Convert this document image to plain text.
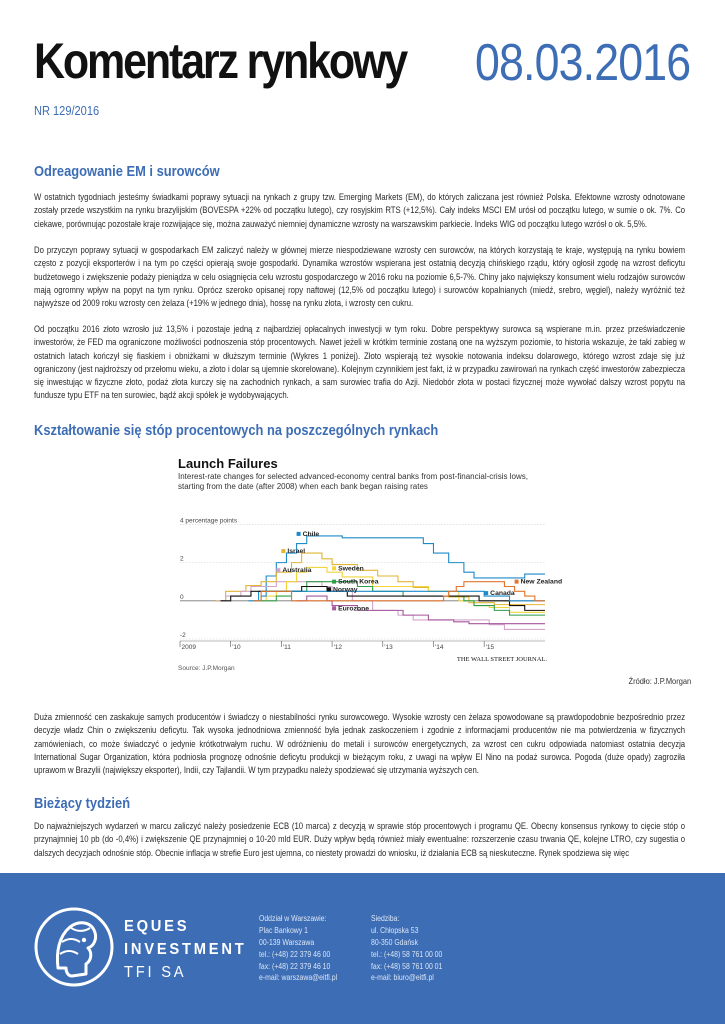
Komentarz rynkowy 08.03.2016
NR 129/2016
Odreagowanie EM i surowców

W ostatnich tygodniach jesteśmy świadkami poprawy sytuacji na rynkach z grupy tzw. Emerging Markets (EM), do których zaliczana jest również Polska. Efektowne wzrosty odnotowane zostały przede wszystkim na rynku brazylijskim (BOVESPA +22% od początku lutego), czy rosyjskim RTS (+12,5%). Cały indeks MSCI EM urósł od początku lutego, w sumie o ok. 7%. Co ciekawe, porównując pozostałe kraje rozwijające się, można zauważyć niemniej dynamiczne wzrosty na warszawskim parkiecie. Indeks WIG od początku lutego wzrósł o ok. 5,5%.

Do przyczyn poprawy sytuacji w gospodarkach EM zaliczyć należy w głównej mierze niespodziewane wzrosty cen surowców, na których korzystają te kraje, występują na rynku bowiem często z pozycji eksporterów i na tym po części opierają swoje gospodarki. Dynamika wzrostów wspierana jest ostatnią decyzją chińskiego rządu, który ogłosił zgodę na wzrost deficytu budżetowego i zwiększenie podaży pieniądza w celu osiągnięcia celu wzrostu gospodarczego w 2016 roku na poziomie 6,5-7%. Chiny jako największy konsument wielu rodzajów surowców mają ogromny wpływ na popyt na tym rynku. Oprócz szeroko opisanej ropy naftowej (12,5% od początku lutego) i surowców kopalnianych (miedź, srebro, węgiel), należy wyróżnić też najwyższe od 2009 roku wzrosty cen żelaza (+19% w jednego dnia), hossę na rynku złota, i wzrosty cen cukru.

Od początku 2016 złoto wzrosło już 13,5% i pozostaje jedną z najbardziej opłacalnych inwestycji w tym roku. Dobre perspektywy surowca są wspierane m.in. przez przeświadczenie inwestorów, że FED ma ograniczone możliwości podnoszenia stóp procentowych. Nawet jeżeli w krótkim terminie zostaną one na wyższym poziomie, to historia wskazuje, że taki zabieg w ostatnich latach kończył się fiaskiem i obniżkami w dłuższym terminie (Wykres 1 poniżej). Złoto wspierają też wysokie notowania indeksu dolarowego, którego wzrost zdaje się już ograniczony (jest najdroższy od przełomu wieku, a złoto i dolar są ujemnie skorelowane). Kolejnym czynnikiem jest fakt, iż w przypadku zawirowań na rynkach część inwestorów zabezpiecza się inwestując w fizyczne złoto, podaż złota kurczy się na zachodnich rynkach, a sam surowiec trafia do Azji. Niedobór złota w postaci fizycznej może wywołać dalszy wzrost popytu na fundusze typu ETF na ten surowiec, bądź akcji spółek je wydobywających.

Kształtowanie się stóp procentowych na poszczególnych rynkach
Launch Failures
Interest-rate changes for selected advanced-economy central banks from post-financial-crisis lows, starting from the date (after 2008) when each bank began raising rates
-2
0
2
4 percentage points
2009	'10	'11	'12	'13	'14	'15
Chile
Israel
Australia	Sweden
South Korea
Norway
Eurozone
Canada
New Zealand
Source: J.P.Morgan
THE WALL STREET JOURNAL.
Źródło: J.P.Morgan

Duża zmienność cen zaskakuje samych producentów i świadczy o niestabilności rynku surowcowego. Wysokie wzrosty cen żelaza spowodowane są prawdopodobnie bezpośrednio przez decyzje władz Chin o zwiększeniu deficytu. Tak wysoka jednodniowa zmienność była jednak zaskoczeniem i zgodnie z informacjami producentów nie ma potwierdzenia w fizycznych zamówieniach, co może świadczyć o jedynie krótkotrwałym ruchu. W odróżnieniu do metali i surowców energetycznych, za wzrost cen cukru odpowiada natomiast ostatnia decyzja International Sugar Organization, która podniosła prognozę odnośnie deficytu produkcji w bieżącym roku, z uwagi na wpływ El Nino na podaż surowca. Pogoda (duże opady) zagroziła uprawom w Brazylii (największy eksporter), Indii, czy Tajlandii. W tym przypadku należy spodziewać się utrzymania wyższych cen.

Bieżący tydzień

Do najważniejszych wydarzeń w marcu zaliczyć należy posiedzenie ECB (10 marca) z decyzją w sprawie stóp procentowych i programu QE. Obecny konsensus rynkowy to cięcie stóp o przynajmniej 10 pb (do -0,4%) i zwiększenie QE przynajmniej o 10-20 mld EUR. Duży wpływ będą również miały ewentualne: rozszerzenie czasu trwania QE, kolejne LTRO, czy sugestia o dalszych decyzjach odnośnie stóp. Obecnie inflacja w strefie Euro jest ujemna, co niestety prowadzi do wniosku, iż działania ECB są nieskuteczne. Rynek spodziewa się więc

EQUES
INVESTMENT
TFI SA
Oddział w Warszawie:
Plac Bankowy 1
00-139 Warszawa
tel.: (+48) 22 379 46 00
fax: (+48) 22 379 46 10
e-mail: warszawa@eitfi.pl
Siedziba:
ul. Chłopska 53
80-350 Gdańsk
tel.: (+48) 58 761 00 00
fax: (+48) 58 761 00 01
e-mail: biuro@eitfi.pl
